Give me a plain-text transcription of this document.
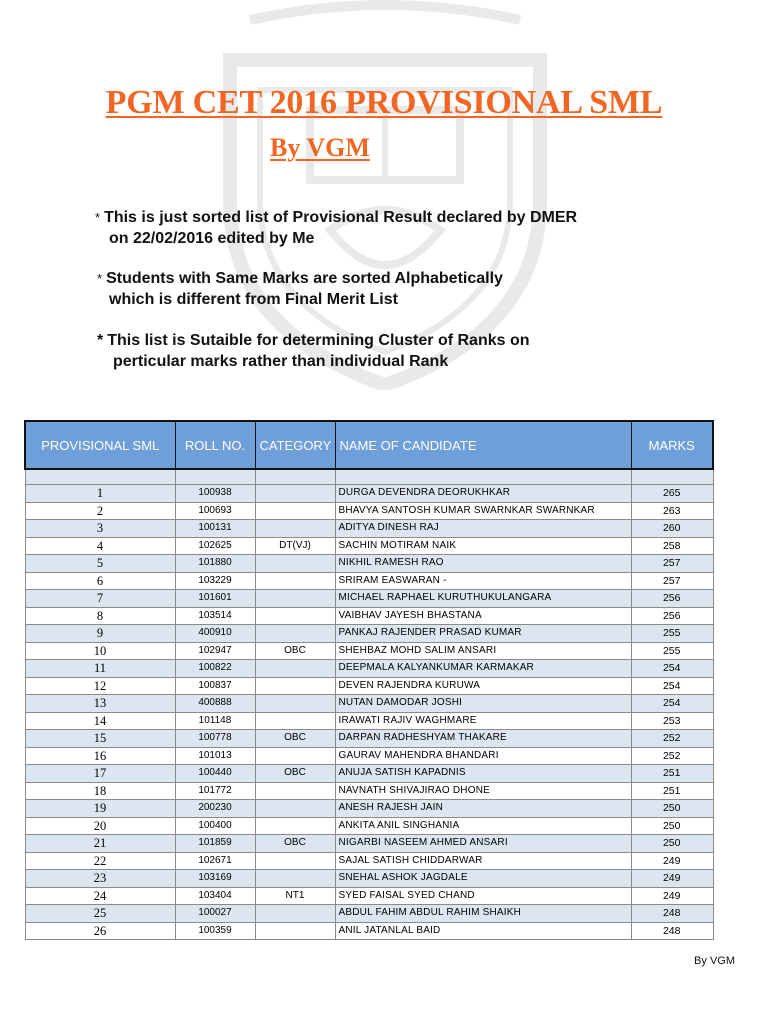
PGM CET 2016 PROVISIONAL SML
By VGM
* This is just sorted list of Provisional Result declared by DMER
on 22/02/2016 edited by Me
* Students with Same Marks are sorted Alphabetically
which is different from Final Merit List
* This list is Sutaible for determining Cluster of Ranks on
perticular marks rather than individual Rank
PROVISIONAL SML	ROLL NO.	CATEGORY	NAME OF CANDIDATE	MARKS

1	100938		DURGA DEVENDRA DEORUKHKAR	265
2	100693		BHAVYA SANTOSH KUMAR SWARNKAR SWARNKAR	263
3	100131		ADITYA DINESH RAJ	260
4	102625	DT(VJ)	SACHIN MOTIRAM NAIK	258
5	101880		NIKHIL RAMESH RAO	257
6	103229		SRIRAM EASWARAN -	257
7	101601		MICHAEL RAPHAEL KURUTHUKULANGARA	256
8	103514		VAIBHAV JAYESH BHASTANA	256
9	400910		PANKAJ RAJENDER PRASAD KUMAR	255
10	102947	OBC	SHEHBAZ MOHD SALIM ANSARI	255
11	100822		DEEPMALA KALYANKUMAR KARMAKAR	254
12	100837		DEVEN RAJENDRA KURUWA	254
13	400888		NUTAN DAMODAR JOSHI	254
14	101148		IRAWATI RAJIV WAGHMARE	253
15	100778	OBC	DARPAN RADHESHYAM THAKARE	252
16	101013		GAURAV MAHENDRA BHANDARI	252
17	100440	OBC	ANUJA SATISH KAPADNIS	251
18	101772		NAVNATH SHIVAJIRAO DHONE	251
19	200230		ANESH RAJESH JAIN	250
20	100400		ANKITA ANIL SINGHANIA	250
21	101859	OBC	NIGARBI NASEEM AHMED ANSARI	250
22	102671		SAJAL SATISH CHIDDARWAR	249
23	103169		SNEHAL ASHOK JAGDALE	249
24	103404	NT1	SYED FAISAL SYED CHAND	249
25	100027		ABDUL FAHIM ABDUL RAHIM SHAIKH	248
26	100359		ANIL JATANLAL BAID	248
By VGM
